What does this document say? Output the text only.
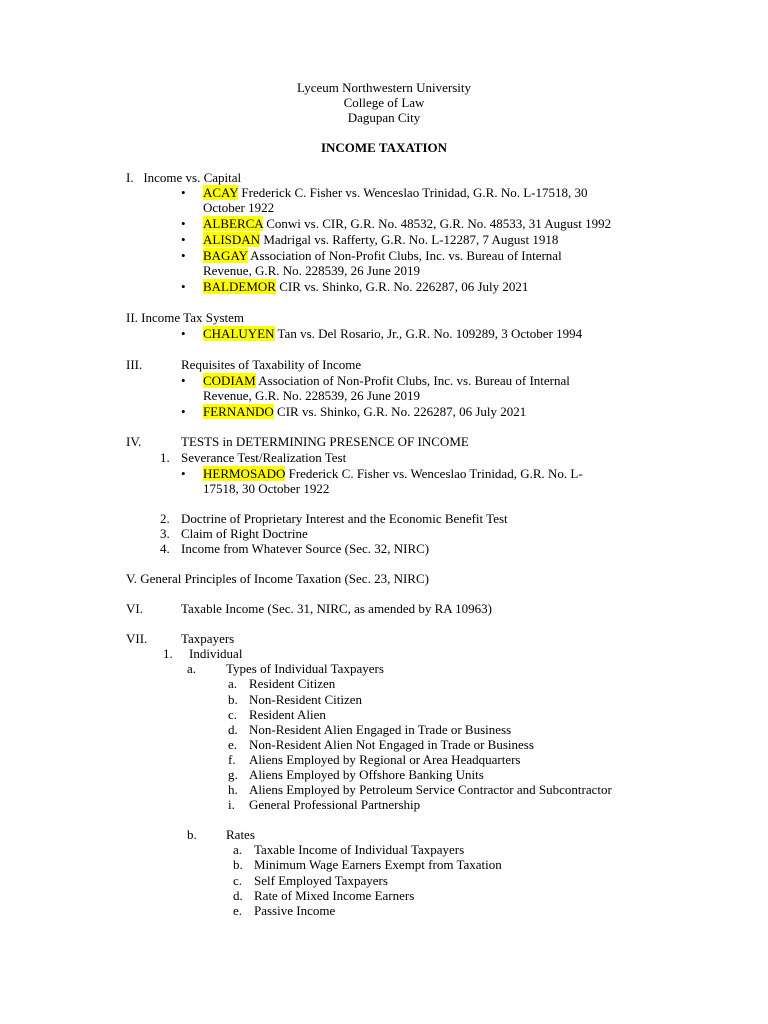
Lyceum Northwestern University
College of Law
Dagupan City
INCOME TAXATION
I.   Income vs. Capital
• ACAY Frederick C. Fisher vs. Wenceslao Trinidad, G.R. No. L-17518, 30
October 1922
• ALBERCA Conwi vs. CIR, G.R. No. 48532, G.R. No. 48533, 31 August 1992
• ALISDAN Madrigal vs. Rafferty, G.R. No. L-12287, 7 August 1918
• BAGAY Association of Non-Profit Clubs, Inc. vs. Bureau of Internal
Revenue, G.R. No. 228539, 26 June 2019
• BALDEMOR CIR vs. Shinko, G.R. No. 226287, 06 July 2021
II. Income Tax System
• CHALUYEN Tan vs. Del Rosario, Jr., G.R. No. 109289, 3 October 1994
III.	Requisites of Taxability of Income
• CODIAM Association of Non-Profit Clubs, Inc. vs. Bureau of Internal
Revenue, G.R. No. 228539, 26 June 2019
• FERNANDO CIR vs. Shinko, G.R. No. 226287, 06 July 2021
IV.	TESTS in DETERMINING PRESENCE OF INCOME
1. Severance Test/Realization Test
• HERMOSADO Frederick C. Fisher vs. Wenceslao Trinidad, G.R. No. L-
17518, 30 October 1922
2. Doctrine of Proprietary Interest and the Economic Benefit Test
3. Claim of Right Doctrine
4. Income from Whatever Source (Sec. 32, NIRC)
V. General Principles of Income Taxation (Sec. 23, NIRC)
VI.	Taxable Income (Sec. 31, NIRC, as amended by RA 10963)
VII.	Taxpayers
1. Individual
a. Types of Individual Taxpayers
a. Resident Citizen
b. Non-Resident Citizen
c. Resident Alien
d. Non-Resident Alien Engaged in Trade or Business
e. Non-Resident Alien Not Engaged in Trade or Business
f. Aliens Employed by Regional or Area Headquarters
g. Aliens Employed by Offshore Banking Units
h. Aliens Employed by Petroleum Service Contractor and Subcontractor
i. General Professional Partnership
b. Rates
a. Taxable Income of Individual Taxpayers
b. Minimum Wage Earners Exempt from Taxation
c. Self Employed Taxpayers
d. Rate of Mixed Income Earners
e. Passive Income
